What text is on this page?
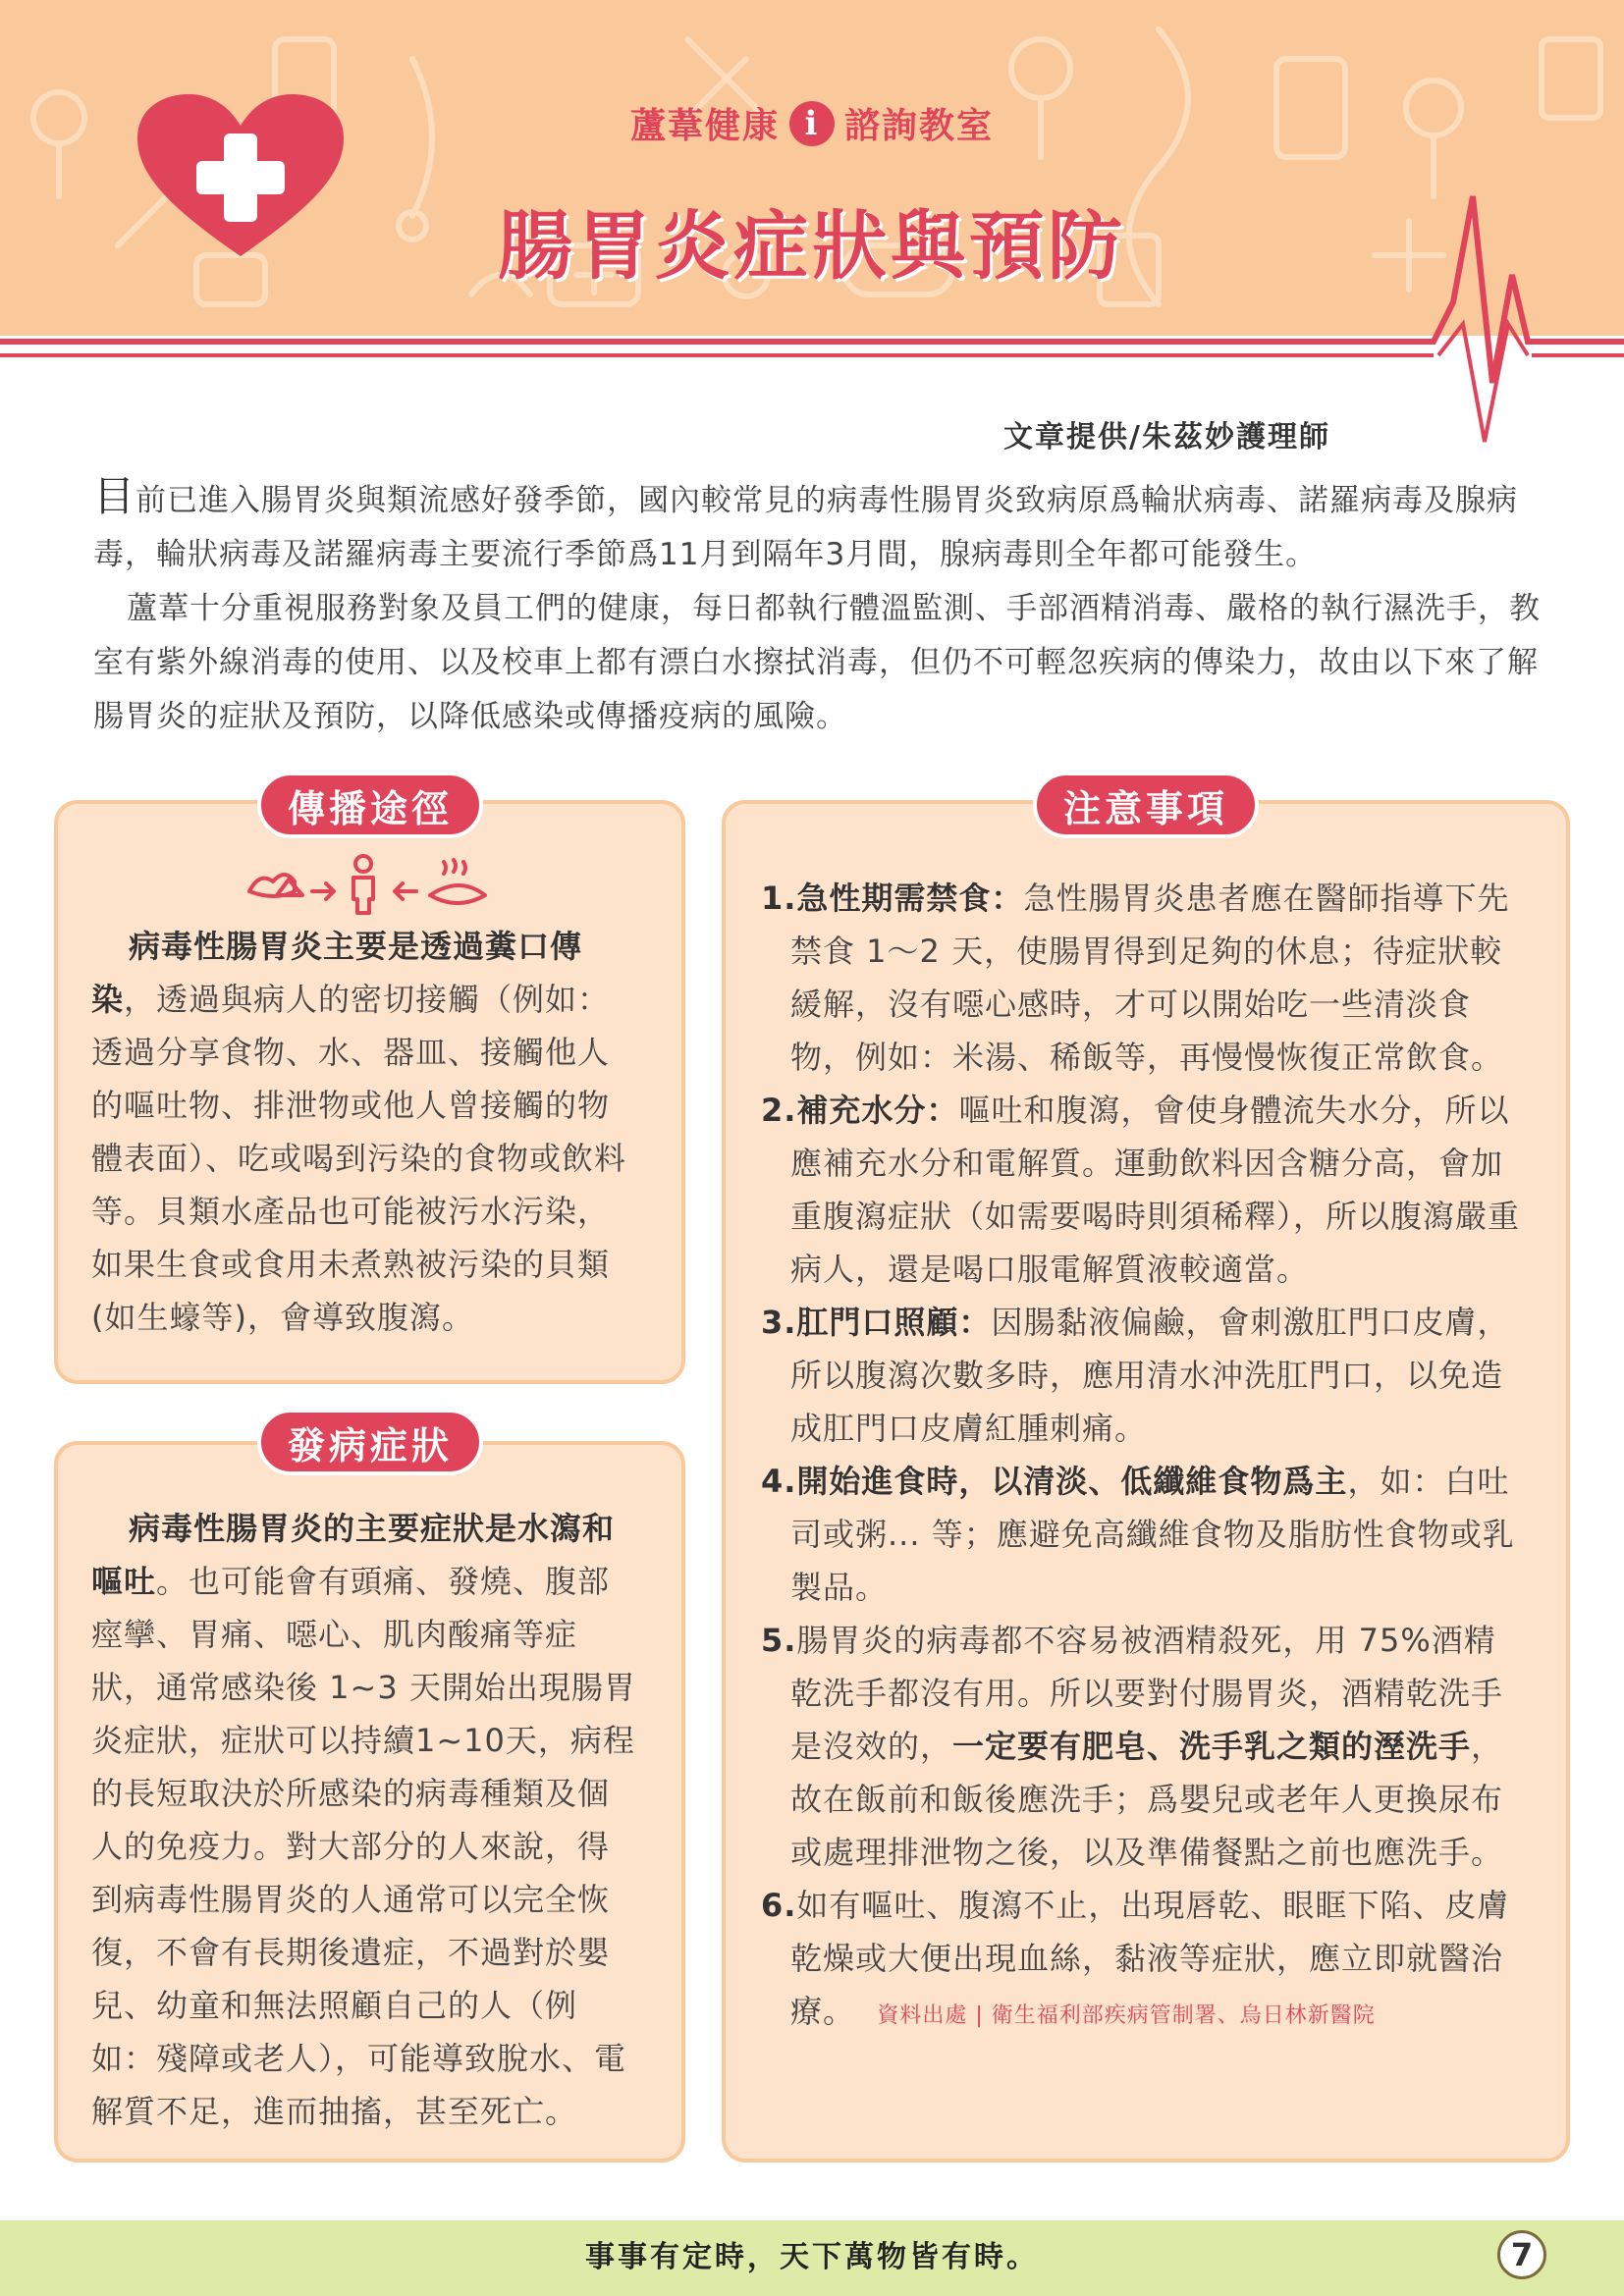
蘆葦健康 i 諮詢教室
腸胃炎症狀與預防
文章提供/朱茲妙護理師

目前已進入腸胃炎與類流感好發季節，國內較常見的病毒性腸胃炎致病原爲輪狀病毒、諾羅病毒及腺病毒，輪狀病毒及諾羅病毒主要流行季節爲11月到隔年3月間，腺病毒則全年都可能發生。

蘆葦十分重視服務對象及員工們的健康，每日都執行體溫監測、手部酒精消毒、嚴格的執行濕洗手，教室有紫外線消毒的使用、以及校車上都有漂白水擦拭消毒，但仍不可輕忽疾病的傳染力，故由以下來了解腸胃炎的症狀及預防，以降低感染或傳播疫病的風險。

傳播途徑
病毒性腸胃炎主要是透過糞口傳染，透過與病人的密切接觸（例如：透過分享食物、水、器皿、接觸他人的嘔吐物、排泄物或他人曾接觸的物體表面）、吃或喝到污染的食物或飲料等。貝類水產品也可能被污水污染，如果生食或食用未煮熟被污染的貝類(如生蠔等)，會導致腹瀉。
發病症狀
病毒性腸胃炎的主要症狀是水瀉和嘔吐。也可能會有頭痛、發燒、腹部痙攣、胃痛、噁心、肌肉酸痛等症狀，通常感染後 1~3 天開始出現腸胃炎症狀，症狀可以持續1~10天，病程的長短取決於所感染的病毒種類及個人的免疫力。對大部分的人來說，得到病毒性腸胃炎的人通常可以完全恢復，不會有長期後遺症，不過對於嬰兒、幼童和無法照顧自己的人（例如：殘障或老人），可能導致脫水、電解質不足，進而抽搐，甚至死亡。
注意事項
1.急性期需禁食：急性腸胃炎患者應在醫師指導下先禁食 1～2 天，使腸胃得到足夠的休息；待症狀較緩解，沒有噁心感時，才可以開始吃一些清淡食物，例如：米湯、稀飯等，再慢慢恢復正常飲食。
2.補充水分：嘔吐和腹瀉，會使身體流失水分，所以應補充水分和電解質。運動飲料因含糖分高，會加重腹瀉症狀（如需要喝時則須稀釋），所以腹瀉嚴重病人，還是喝口服電解質液較適當。
3.肛門口照顧：因腸黏液偏鹼，會刺激肛門口皮膚，所以腹瀉次數多時，應用清水沖洗肛門口，以免造成肛門口皮膚紅腫刺痛。
4.開始進食時，以清淡、低纖維食物爲主，如：白吐司或粥... 等；應避免高纖維食物及脂肪性食物或乳製品。
5.腸胃炎的病毒都不容易被酒精殺死，用 75%酒精乾洗手都沒有用。所以要對付腸胃炎，酒精乾洗手是沒效的，一定要有肥皂、洗手乳之類的溼洗手，故在飯前和飯後應洗手；爲嬰兒或老年人更換尿布或處理排泄物之後，以及準備餐點之前也應洗手。
6.如有嘔吐、腹瀉不止，出現唇乾、眼眶下陷、皮膚乾燥或大便出現血絲，黏液等症狀，應立即就醫治療。 資料出處 | 衛生福利部疾病管制署、烏日林新醫院
事事有定時，天下萬物皆有時。	7
